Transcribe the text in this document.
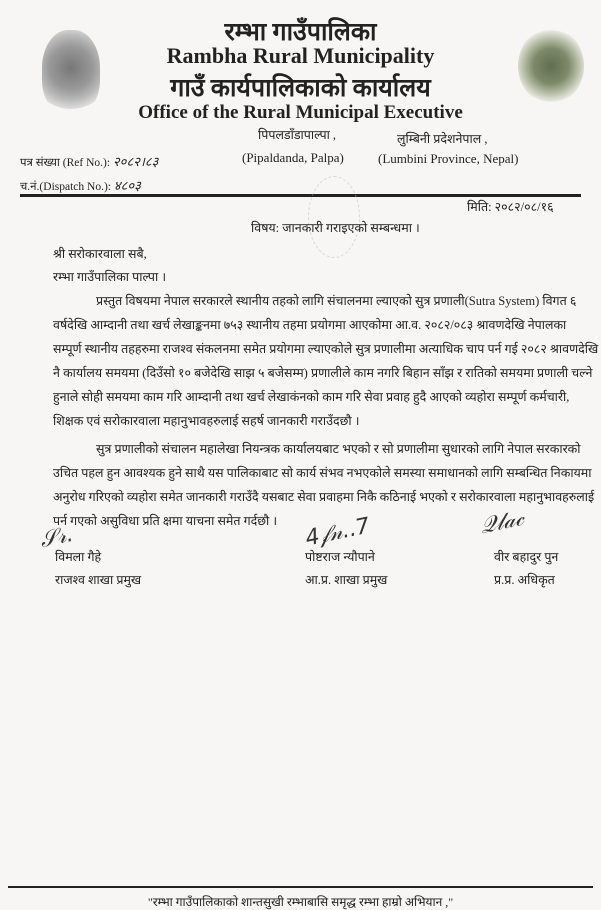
रम्भा गाउँपालिका
Rambha Rural Municipality
गाउँ कार्यपालिकाको कार्यालय
Office of the Rural Municipal Executive
पिपलडाँडापाल्पा ,
(Pipaldanda, Palpa)
लुम्बिनी प्रदेशनेपाल ,
(Lumbini Province, Nepal)
पत्र संख्या (Ref No.): २०८२।८३
च.नं.(Dispatch No.): ४८०३
मिति: २०८२/०८/१६
विषय: जानकारी गराइएको सम्बन्धमा ।
श्री सरोकारवाला सबै,
रम्भा गाउँपालिका पाल्पा ।
प्रस्तुत विषयमा नेपाल सरकारले स्थानीय तहको लागि संचालनमा ल्याएको सुत्र प्रणाली(Sutra System) विगत ६
वर्षदेखि आम्दानी तथा खर्च लेखाङ्कनमा ७५३ स्थानीय तहमा प्रयोगमा आएकोमा आ.व. २०८२/०८३ श्रावणदेखि नेपालका
सम्पूर्ण स्थानीय तहहरुमा राजश्व संकलनमा समेत प्रयोगमा ल्याएकोले सुत्र प्रणालीमा अत्याधिक चाप पर्न गई २०८२ श्रावणदेखि
नै कार्यालय समयमा (दिउँसो १० बजेदेखि साझ ५ बजेसम्म) प्रणालीले काम नगरि बिहान साँझ र रातिको समयमा प्रणाली चल्ने
हुनाले सोही समयमा काम गरि आम्दानी तथा खर्च लेखाकंनको काम गरि सेवा प्रवाह हुदै आएको व्यहोरा सम्पूर्ण कर्मचारी,
शिक्षक एवं सरोकारवाला महानुभावहरुलाई सहर्ष जानकारी गराउँदछौ ।
सुत्र प्रणालीको संचालन महालेखा नियन्त्रक कार्यालयबाट भएको र सो प्रणालीमा सुधारको लागि नेपाल सरकारको
उचित पहल हुन आवश्यक हुने साथै यस पालिकाबाट सो कार्य संभव नभएकोले समस्या समाधानको लागि सम्बन्धित निकायमा
अनुरोध गरिएको व्यहोरा समेत जानकारी गराउँदै यसबाट सेवा प्रवाहमा निकै कठिनाई भएको र सरोकारवाला महानुभावहरुलाई
पर्न गएको असुविधा प्रति क्षमा याचना समेत गर्दछौ ।
𝒮𝓇.	4𝒻𝓃..7	𝒬𝓁𝒶𝒸
विमला गैहे
राजश्व शाखा प्रमुख
पोष्टराज न्यौपाने
आ.प्र. शाखा प्रमुख
वीर बहादुर पुन
प्र.प्र. अधिकृत
"रम्भा गाउँपालिकाको शान्तसुखी रम्भाबासि समृद्ध रम्भा हाम्रो अभियान ,"
